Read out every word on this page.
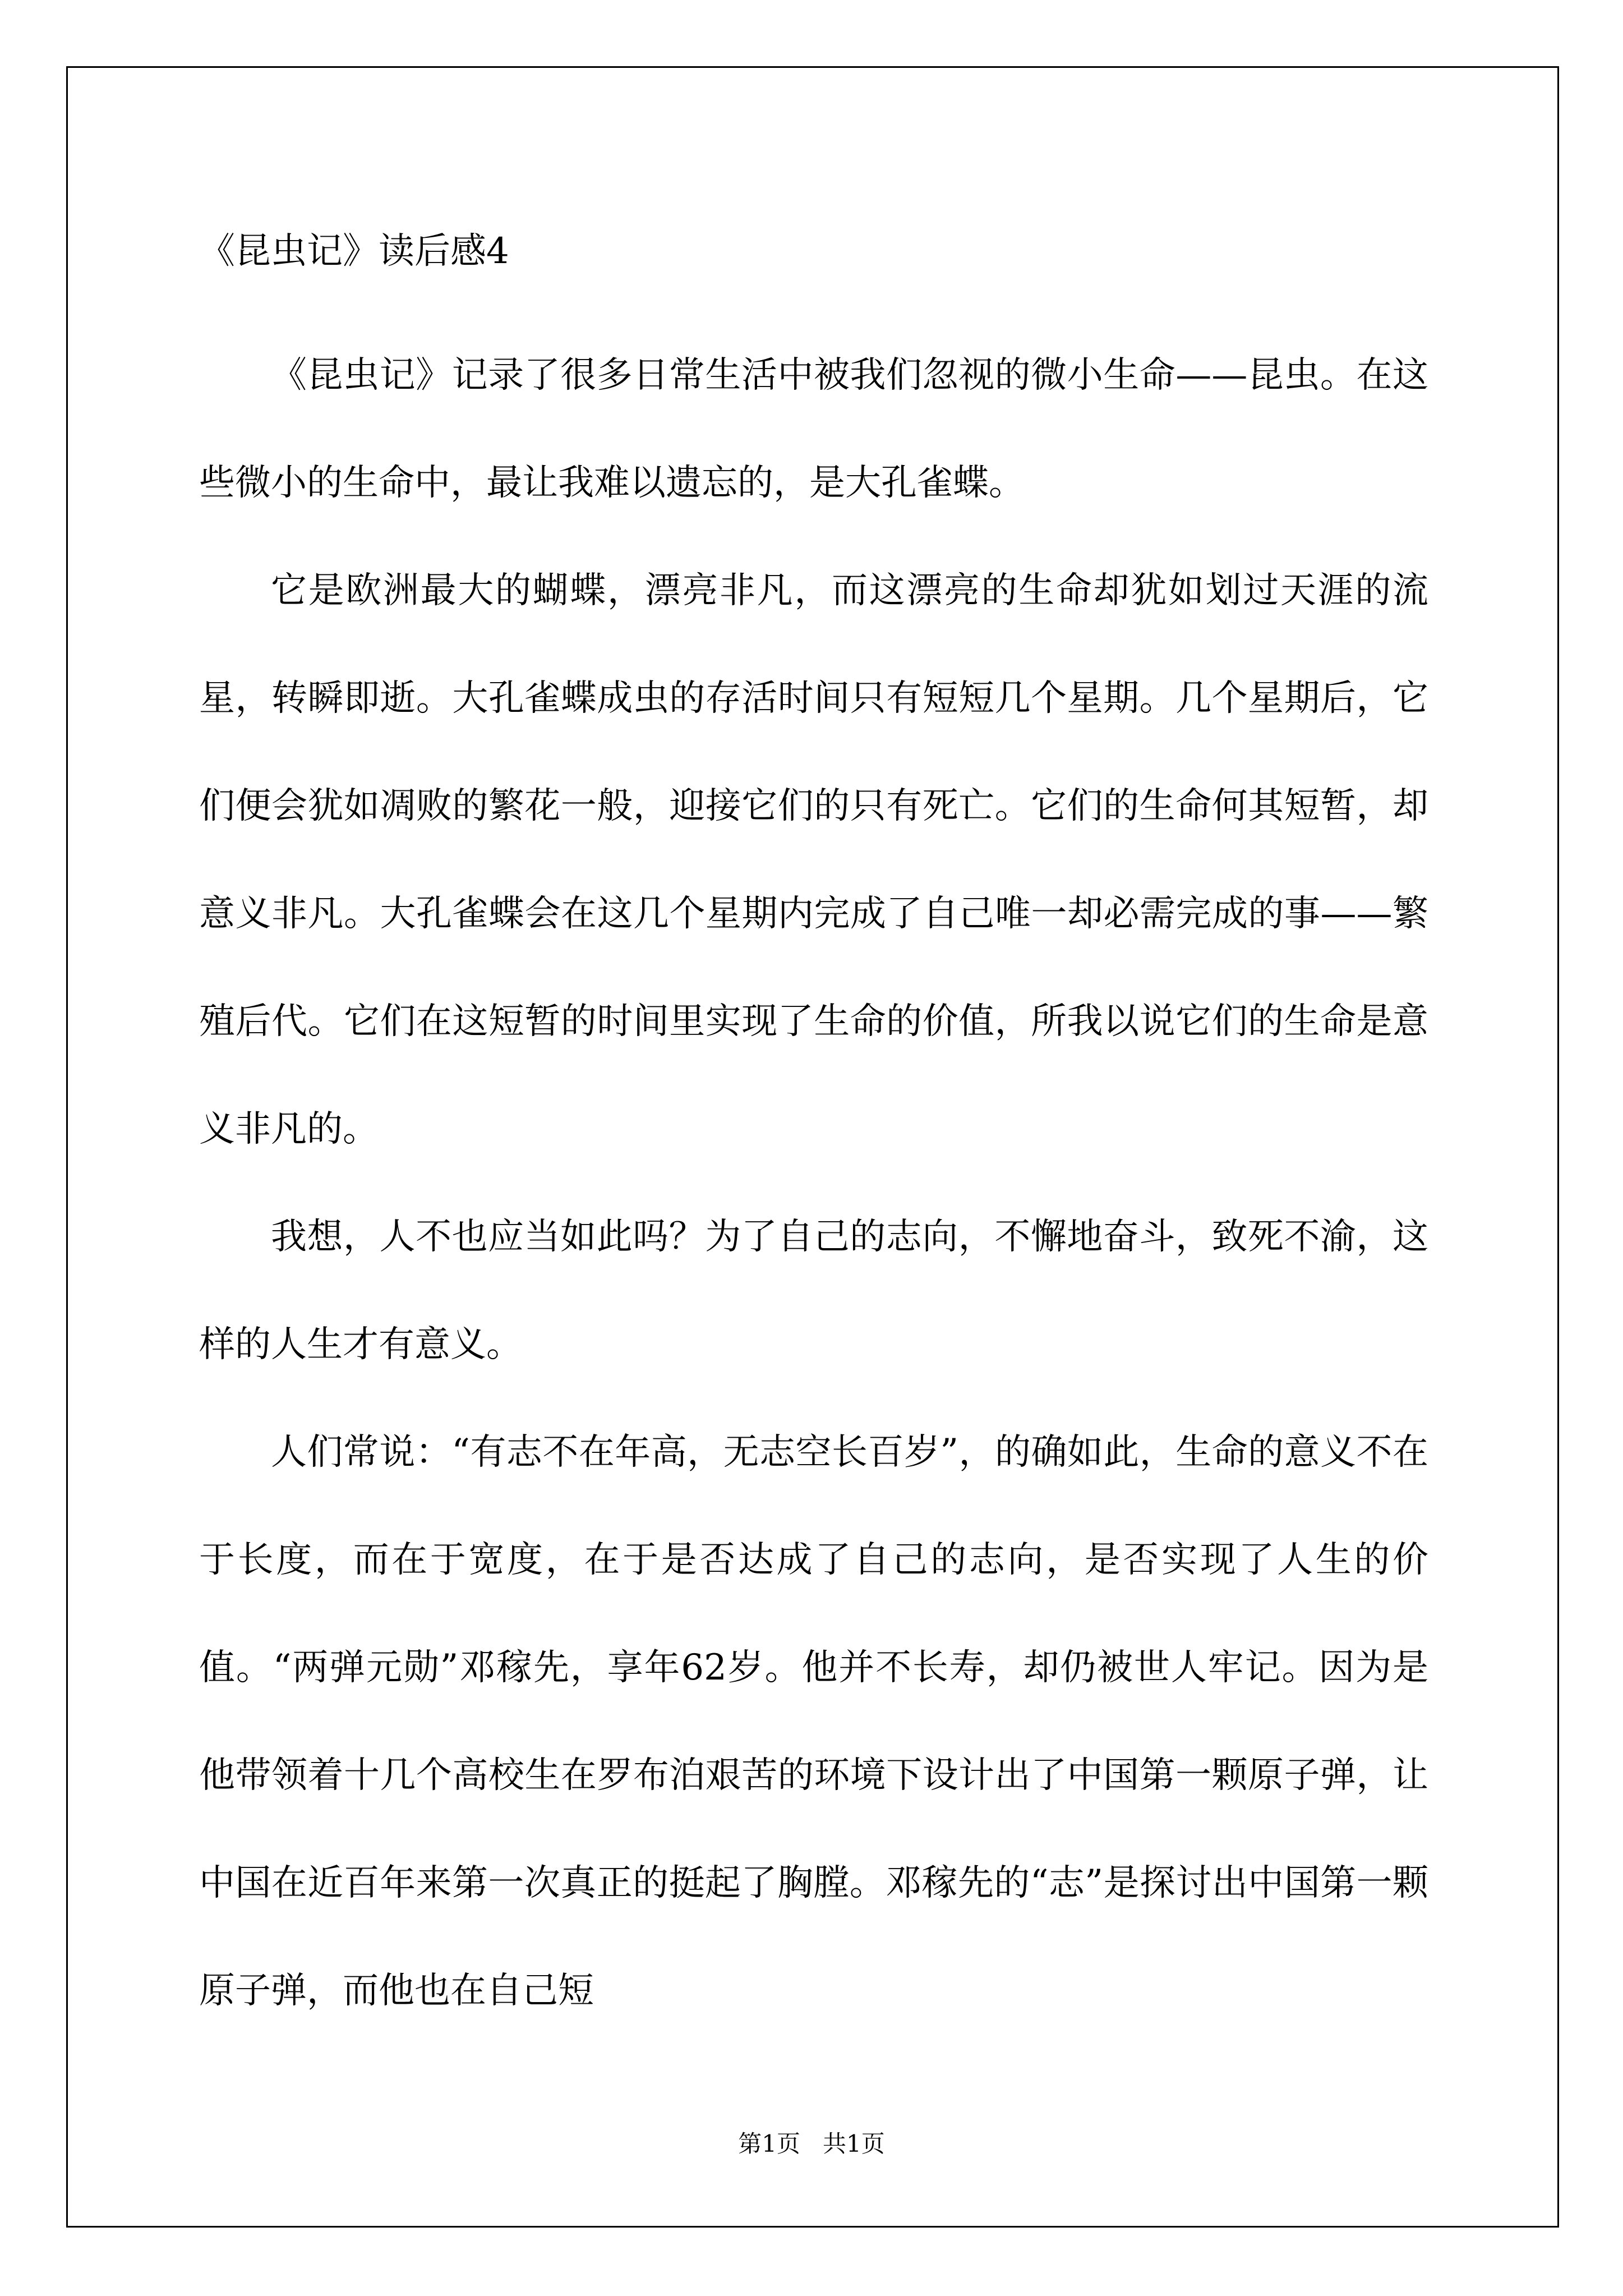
《昆虫记》读后感4

《昆虫记》记录了很多日常生活中被我们忽视的微小生命——昆虫。在这些微小的生命中，最让我难以遗忘的，是大孔雀蝶。

它是欧洲最大的蝴蝶，漂亮非凡，而这漂亮的生命却犹如划过天涯的流星，转瞬即逝。大孔雀蝶成虫的存活时间只有短短几个星期。几个星期后，它们便会犹如凋败的繁花一般，迎接它们的只有死亡。它们的生命何其短暂，却意义非凡。大孔雀蝶会在这几个星期内完成了自己唯一却必需完成的事——繁殖后代。它们在这短暂的时间里实现了生命的价值，所我以说它们的生命是意义非凡的。

我想，人不也应当如此吗？为了自己的志向，不懈地奋斗，致死不渝，这样的人生才有意义。

人们常说：“有志不在年高，无志空长百岁”，的确如此，生命的意义不在于长度，而在于宽度，在于是否达成了自己的志向，是否实现了人生的价值。“两弹元勋”邓稼先，享年62岁。他并不长寿，却仍被世人牢记。因为是他带领着十几个高校生在罗布泊艰苦的环境下设计出了中国第一颗原子弹，让中国在近百年来第一次真正的挺起了胸膛。邓稼先的“志”是探讨出中国第一颗原子弹，而他也在自己短

第1页   共1页
